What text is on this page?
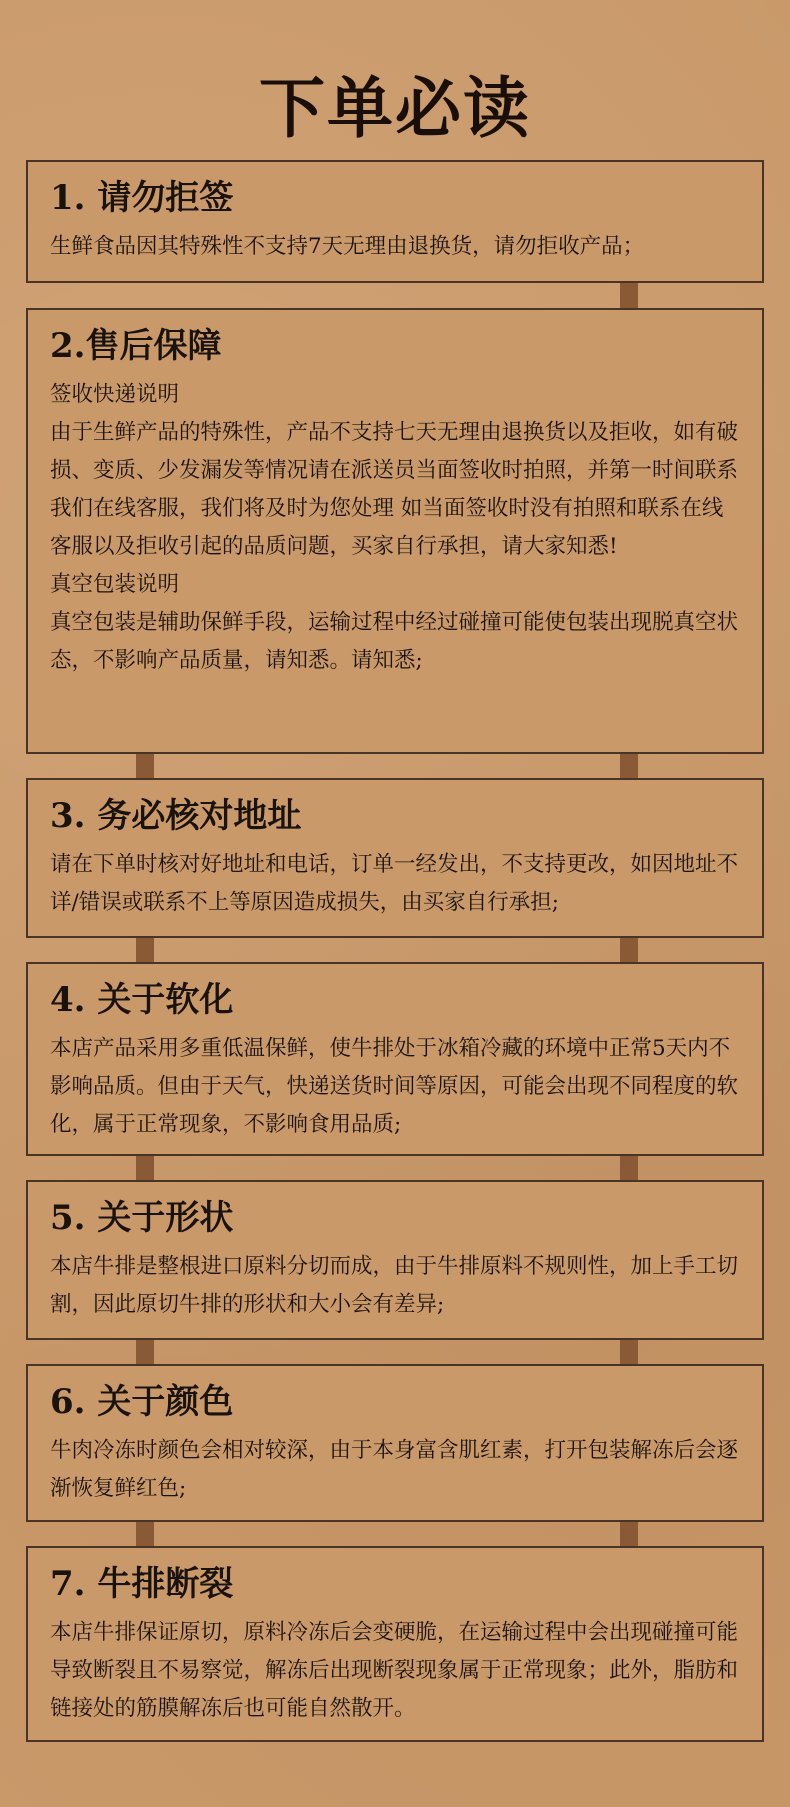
下单必读
1. 请勿拒签
生鲜食品因其特殊性不支持7天无理由退换货，请勿拒收产品；
2.售后保障
签收快递说明
由于生鲜产品的特殊性，产品不支持七天无理由退换货以及拒收，如有破损、变质、少发漏发等情况请在派送员当面签收时拍照，并第一时间联系我们在线客服，我们将及时为您处理 如当面签收时没有拍照和联系在线客服以及拒收引起的品质问题，买家自行承担，请大家知悉!
真空包装说明
真空包装是辅助保鲜手段，运输过程中经过碰撞可能使包装出现脱真空状态，不影响产品质量，请知悉。请知悉;
3. 务必核对地址
请在下单时核对好地址和电话，订单一经发出，不支持更改，如因地址不详/错误或联系不上等原因造成损失，由买家自行承担;
4. 关于软化
本店产品采用多重低温保鲜，使牛排处于冰箱冷藏的环境中正常5天内不影响品质。但由于天气，快递送货时间等原因，可能会出现不同程度的软化，属于正常现象，不影响食用品质;
5. 关于形状
本店牛排是整根进口原料分切而成，由于牛排原料不规则性，加上手工切割，因此原切牛排的形状和大小会有差异;
6. 关于颜色
牛肉冷冻时颜色会相对较深，由于本身富含肌红素，打开包装解冻后会逐渐恢复鲜红色;
7. 牛排断裂
本店牛排保证原切，原料冷冻后会变硬脆，在运输过程中会出现碰撞可能导致断裂且不易察觉，解冻后出现断裂现象属于正常现象；此外，脂肪和链接处的筋膜解冻后也可能自然散开。
